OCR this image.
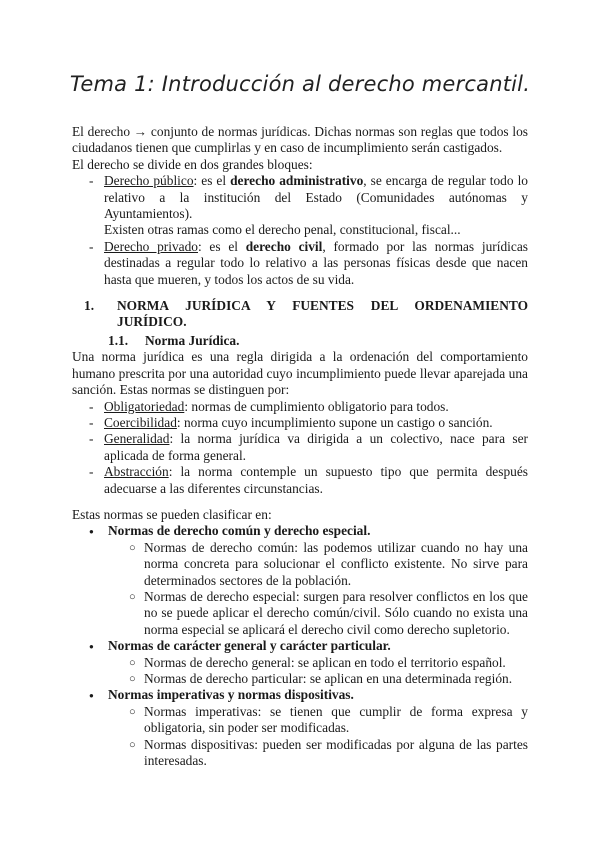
Tema 1: Introducción al derecho mercantil.

El derecho → conjunto de normas jurídicas. Dichas normas son reglas que todos los ciudadanos tienen que cumplirlas y en caso de incumplimiento serán castigados.

El derecho se divide en dos grandes bloques:

- Derecho público: es el derecho administrativo, se encarga de regular todo lo relativo a la institución del Estado (Comunidades autónomas y Ayuntamientos).
Existen otras ramas como el derecho penal, constitucional, fiscal...
- Derecho privado: es el derecho civil, formado por las normas jurídicas destinadas a regular todo lo relativo a las personas físicas desde que nacen hasta que mueren, y todos los actos de su vida.
1.	NORMA JURÍDICA Y FUENTES DEL ORDENAMIENTO JURÍDICO.
1.1.	Norma Jurídica.

Una norma jurídica es una regla dirigida a la ordenación del comportamiento humano prescrita por una autoridad cuyo incumplimiento puede llevar aparejada una sanción. Estas normas se distinguen por:

- Obligatoriedad: normas de cumplimiento obligatorio para todos.
- Coercibilidad: norma cuyo incumplimiento supone un castigo o sanción.
- Generalidad: la norma jurídica va dirigida a un colectivo, nace para ser aplicada de forma general.
- Abstracción: la norma contemple un supuesto tipo que permita después adecuarse a las diferentes circunstancias.

Estas normas se pueden clasificar en:

● Normas de derecho común y derecho especial.
○ Normas de derecho común: las podemos utilizar cuando no hay una norma concreta para solucionar el conflicto existente. No sirve para determinados sectores de la población.
○ Normas de derecho especial: surgen para resolver conflictos en los que no se puede aplicar el derecho común/civil. Sólo cuando no exista una norma especial se aplicará el derecho civil como derecho supletorio.
● Normas de carácter general y carácter particular.
○ Normas de derecho general: se aplican en todo el territorio español.
○ Normas de derecho particular: se aplican en una determinada región.
● Normas imperativas y normas dispositivas.
○ Normas imperativas: se tienen que cumplir de forma expresa y obligatoria, sin poder ser modificadas.
○ Normas dispositivas: pueden ser modificadas por alguna de las partes interesadas.
